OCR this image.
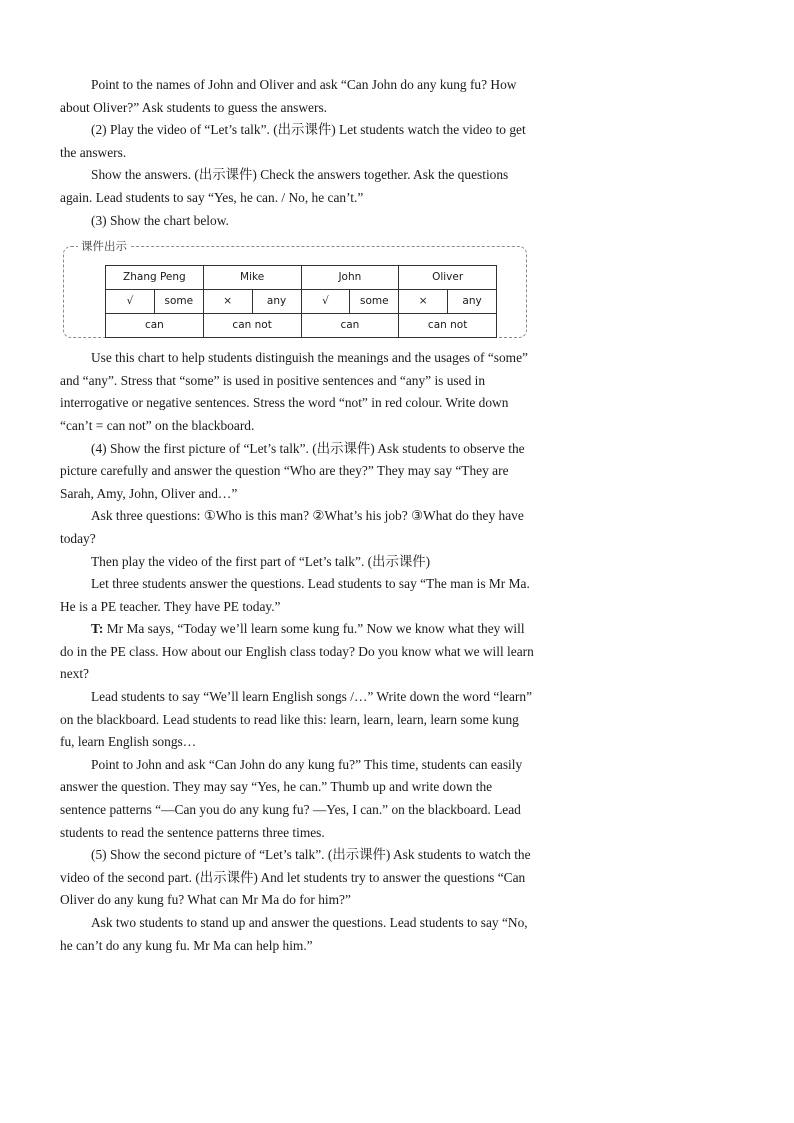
Point to the names of John and Oliver and ask “Can John do any kung fu? How about Oliver?” Ask students to guess the answers.

(2) Play the video of “Let’s talk”. (出示课件) Let students watch the video to get the answers.

Show the answers. (出示课件) Check the answers together. Ask the questions again. Lead students to say “Yes, he can. / No, he can’t.”

(3) Show the chart below.

课件出示
Zhang Peng		Mike		John		Oliver	
√	some	×	any	√	some	×	any
can		can not		can		can not	

Use this chart to help students distinguish the meanings and the usages of “some” and “any”. Stress that “some” is used in positive sentences and “any” is used in interrogative or negative sentences. Stress the word “not” in red colour. Write down “can’t = can not” on the blackboard.

(4) Show the first picture of “Let’s talk”. (出示课件) Ask students to observe the picture carefully and answer the question “Who are they?” They may say “They are Sarah, Amy, John, Oliver and…”

Ask three questions: ①Who is this man? ②What’s his job? ③What do they have today?

Then play the video of the first part of “Let’s talk”. (出示课件)

Let three students answer the questions. Lead students to say “The man is Mr Ma. He is a PE teacher. They have PE today.”

T: Mr Ma says, “Today we’ll learn some kung fu.” Now we know what they will do in the PE class. How about our English class today? Do you know what we will learn next?

Lead students to say “We’ll learn English songs /…” Write down the word “learn” on the blackboard. Lead students to read like this: learn, learn, learn, learn some kung fu, learn English songs…

Point to John and ask “Can John do any kung fu?” This time, students can easily answer the question. They may say “Yes, he can.” Thumb up and write down the sentence patterns “—Can you do any kung fu? —Yes, I can.” on the blackboard. Lead students to read the sentence patterns three times.

(5) Show the second picture of “Let’s talk”. (出示课件) Ask students to watch the video of the second part. (出示课件) And let students try to answer the questions “Can Oliver do any kung fu? What can Mr Ma do for him?”

Ask two students to stand up and answer the questions. Lead students to say “No, he can’t do any kung fu. Mr Ma can help him.”
